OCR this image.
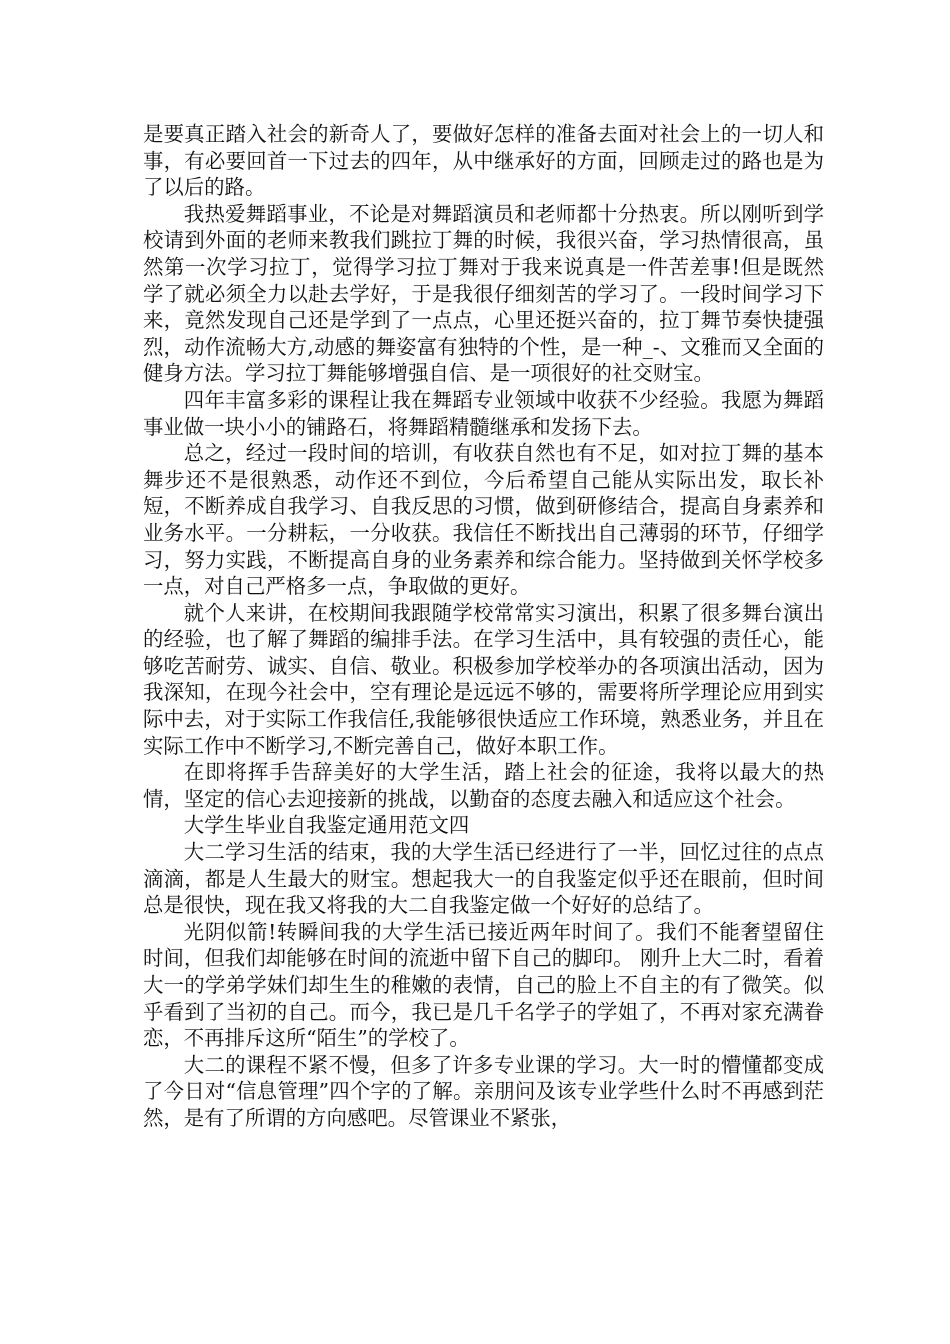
是要真正踏入社会的新奇人了，要做好怎样的准备去面对社会上的一切人和事，有必要回首一下过去的四年，从中继承好的方面，回顾走过的路也是为了以后的路。

我热爱舞蹈事业，不论是对舞蹈演员和老师都十分热衷。所以刚听到学校请到外面的老师来教我们跳拉丁舞的时候，我很兴奋，学习热情很高，虽然第一次学习拉丁，觉得学习拉丁舞对于我来说真是一件苦差事!但是既然学了就必须全力以赴去学好，于是我很仔细刻苦的学习了。一段时间学习下来，竟然发现自己还是学到了一点点，心里还挺兴奋的，拉丁舞节奏快捷强烈，动作流畅大方,动感的舞姿富有独特的个性，是一种_-、文雅而又全面的健身方法。学习拉丁舞能够增强自信、是一项很好的社交财宝。

四年丰富多彩的课程让我在舞蹈专业领域中收获不少经验。我愿为舞蹈事业做一块小小的铺路石，将舞蹈精髓继承和发扬下去。

总之，经过一段时间的培训，有收获自然也有不足，如对拉丁舞的基本舞步还不是很熟悉，动作还不到位，今后希望自己能从实际出发，取长补短，不断养成自我学习、自我反思的习惯，做到研修结合，提高自身素养和业务水平。一分耕耘，一分收获。我信任不断找出自己薄弱的环节，仔细学习，努力实践，不断提高自身的业务素养和综合能力。坚持做到关怀学校多一点，对自己严格多一点，争取做的更好。

就个人来讲，在校期间我跟随学校常常实习演出，积累了很多舞台演出的经验，也了解了舞蹈的编排手法。在学习生活中，具有较强的责任心，能够吃苦耐劳、诚实、自信、敬业。积极参加学校举办的各项演出活动，因为我深知，在现今社会中，空有理论是远远不够的，需要将所学理论应用到实际中去，对于实际工作我信任,我能够很快适应工作环境，熟悉业务，并且在实际工作中不断学习,不断完善自己，做好本职工作。

在即将挥手告辞美好的大学生活，踏上社会的征途，我将以最大的热情，坚定的信心去迎接新的挑战，以勤奋的态度去融入和适应这个社会。

大学生毕业自我鉴定通用范文四

大二学习生活的结束，我的大学生活已经进行了一半，回忆过往的点点滴滴，都是人生最大的财宝。想起我大一的自我鉴定似乎还在眼前，但时间总是很快，现在我又将我的大二自我鉴定做一个好好的总结了。

光阴似箭!转瞬间我的大学生活已接近两年时间了。我们不能奢望留住时间，但我们却能够在时间的流逝中留下自己的脚印。 刚升上大二时，看着大一的学弟学妹们却生生的稚嫩的表情，自己的脸上不自主的有了微笑。似乎看到了当初的自己。而今，我已是几千名学子的学姐了，不再对家充满眷恋，不再排斥这所“陌生”的学校了。

大二的课程不紧不慢，但多了许多专业课的学习。大一时的懵懂都变成了今日对“信息管理”四个字的了解。亲朋问及该专业学些什么时不再感到茫然，是有了所谓的方向感吧。尽管课业不紧张，
